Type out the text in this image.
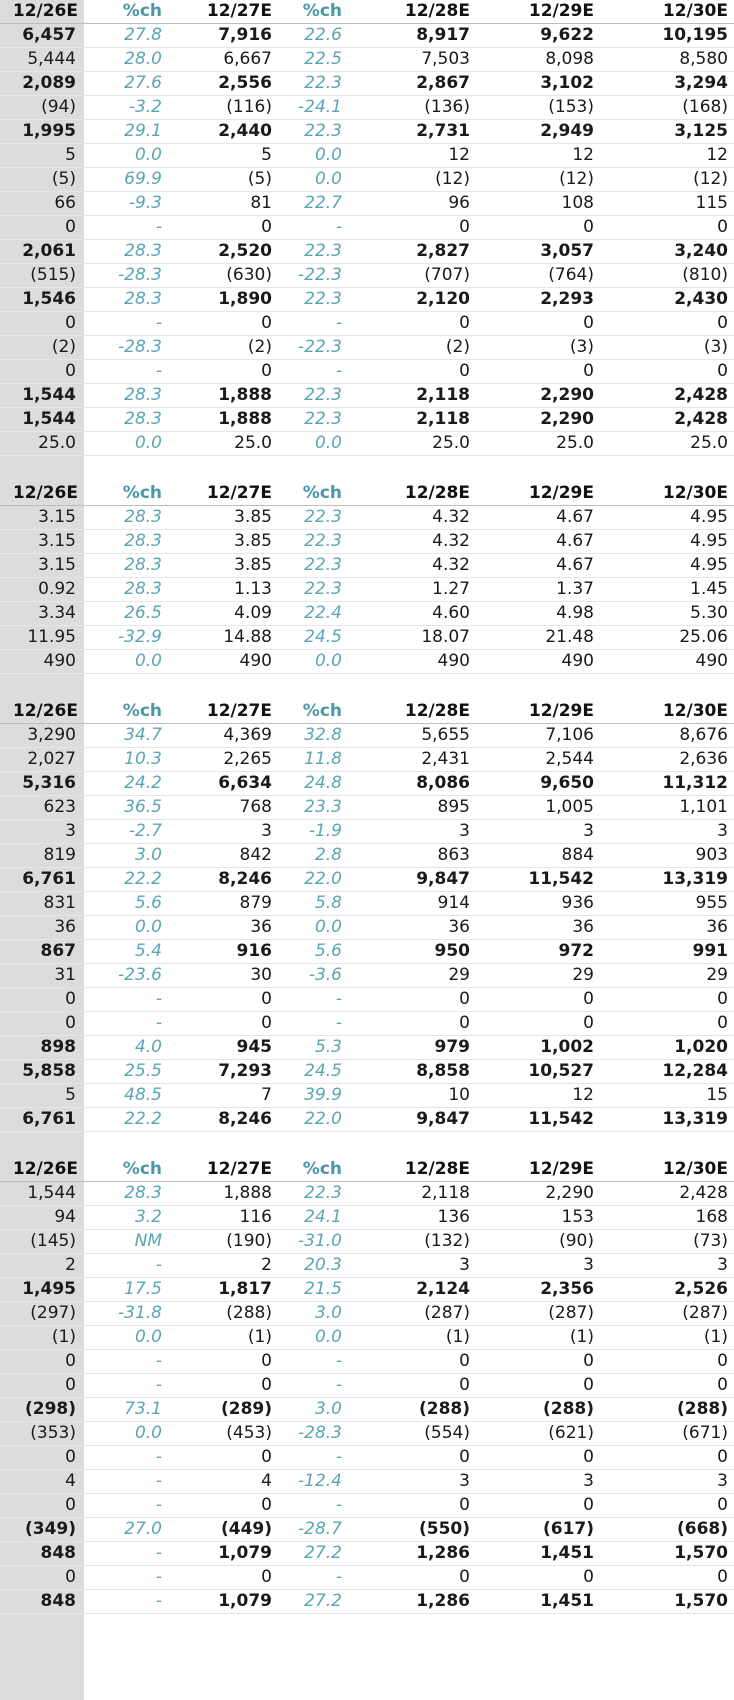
12/26E	%ch	12/27E	%ch	12/28E	12/29E	12/30E
6,457	27.8	7,916	22.6	8,917	9,622	10,195
5,444	28.0	6,667	22.5	7,503	8,098	8,580
2,089	27.6	2,556	22.3	2,867	3,102	3,294
(94)	-3.2	(116)	-24.1	(136)	(153)	(168)
1,995	29.1	2,440	22.3	2,731	2,949	3,125
5	0.0	5	0.0	12	12	12
(5)	69.9	(5)	0.0	(12)	(12)	(12)
66	-9.3	81	22.7	96	108	115
0	-	0	-	0	0	0
2,061	28.3	2,520	22.3	2,827	3,057	3,240
(515)	-28.3	(630)	-22.3	(707)	(764)	(810)
1,546	28.3	1,890	22.3	2,120	2,293	2,430
0	-	0	-	0	0	0
(2)	-28.3	(2)	-22.3	(2)	(3)	(3)
0	-	0	-	0	0	0
1,544	28.3	1,888	22.3	2,118	2,290	2,428
1,544	28.3	1,888	22.3	2,118	2,290	2,428
25.0	0.0	25.0	0.0	25.0	25.0	25.0
12/26E	%ch	12/27E	%ch	12/28E	12/29E	12/30E
3.15	28.3	3.85	22.3	4.32	4.67	4.95
3.15	28.3	3.85	22.3	4.32	4.67	4.95
3.15	28.3	3.85	22.3	4.32	4.67	4.95
0.92	28.3	1.13	22.3	1.27	1.37	1.45
3.34	26.5	4.09	22.4	4.60	4.98	5.30
11.95	-32.9	14.88	24.5	18.07	21.48	25.06
490	0.0	490	0.0	490	490	490
12/26E	%ch	12/27E	%ch	12/28E	12/29E	12/30E
3,290	34.7	4,369	32.8	5,655	7,106	8,676
2,027	10.3	2,265	11.8	2,431	2,544	2,636
5,316	24.2	6,634	24.8	8,086	9,650	11,312
623	36.5	768	23.3	895	1,005	1,101
3	-2.7	3	-1.9	3	3	3
819	3.0	842	2.8	863	884	903
6,761	22.2	8,246	22.0	9,847	11,542	13,319
831	5.6	879	5.8	914	936	955
36	0.0	36	0.0	36	36	36
867	5.4	916	5.6	950	972	991
31	-23.6	30	-3.6	29	29	29
0	-	0	-	0	0	0
0	-	0	-	0	0	0
898	4.0	945	5.3	979	1,002	1,020
5,858	25.5	7,293	24.5	8,858	10,527	12,284
5	48.5	7	39.9	10	12	15
6,761	22.2	8,246	22.0	9,847	11,542	13,319
12/26E	%ch	12/27E	%ch	12/28E	12/29E	12/30E
1,544	28.3	1,888	22.3	2,118	2,290	2,428
94	3.2	116	24.1	136	153	168
(145)	NM	(190)	-31.0	(132)	(90)	(73)
2	-	2	20.3	3	3	3
1,495	17.5	1,817	21.5	2,124	2,356	2,526
(297)	-31.8	(288)	3.0	(287)	(287)	(287)
(1)	0.0	(1)	0.0	(1)	(1)	(1)
0	-	0	-	0	0	0
0	-	0	-	0	0	0
(298)	73.1	(289)	3.0	(288)	(288)	(288)
(353)	0.0	(453)	-28.3	(554)	(621)	(671)
0	-	0	-	0	0	0
4	-	4	-12.4	3	3	3
0	-	0	-	0	0	0
(349)	27.0	(449)	-28.7	(550)	(617)	(668)
848	-	1,079	27.2	1,286	1,451	1,570
0	-	0	-	0	0	0
848	-	1,079	27.2	1,286	1,451	1,570
